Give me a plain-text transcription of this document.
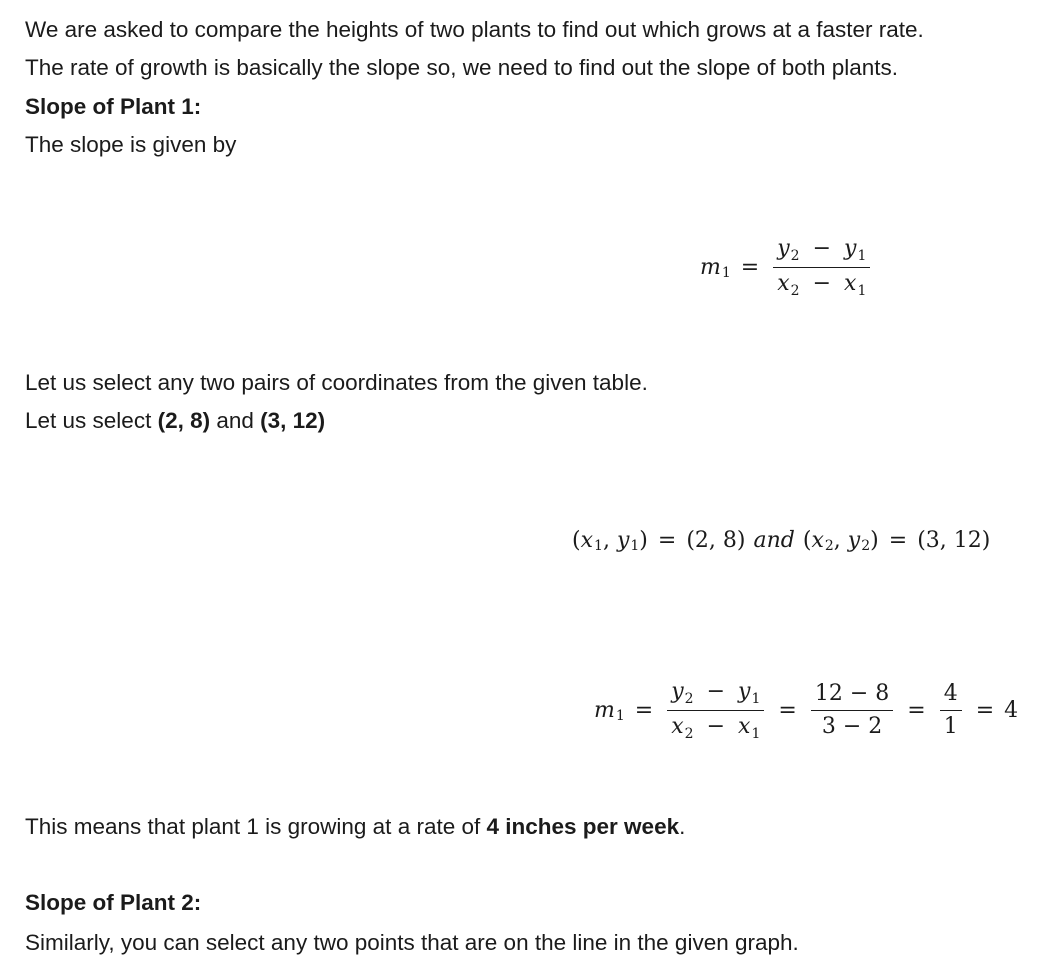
We are asked to compare the heights of two plants to find out which grows at a faster rate.
The rate of growth is basically the slope so, we need to find out the slope of both plants.
Slope of Plant 1:
The slope is given by
m $1 = \frac{y_2 - y_1}{x_2 - x_1}$
Let us select any two pairs of coordinates from the given table.
Let us select (2, 8) and (3, 12)
( x 1 ,
y 1 ) = (2, 8) and ( x 2 ,
y 2 ) = (3, 12)
m $1 = \frac{y_2 - y_1}{x_2 - x_1} = \frac{12 - 8}{3 - 2} = \frac{4}{1} = 4$
This means that plant 1 is growing at a rate of 4 inches per week.
Slope of Plant 2:
Similarly, you can select any two points that are on the line in the given graph.
